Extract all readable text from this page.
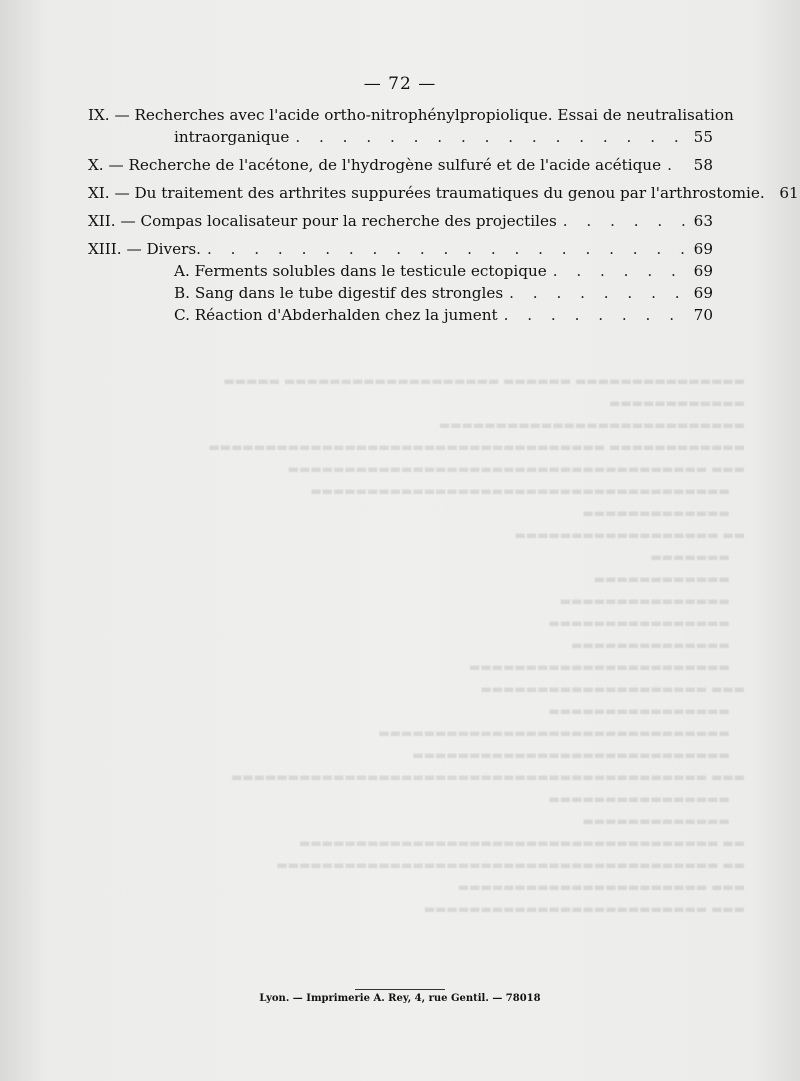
— 72 —
IX. — Recherches avec l'acide ortho-nitrophénylpropiolique. Essai de neutralisation
intraorganique . . .	55
X. — Recherche de l'acétone, de l'hydrogène sulfuré et de l'acide acétique . . . 58
XI. — Du traitement des arthrites suppurées traumatiques du genou par l'arthrostomie. 61
XII. — Compas localisateur pour la recherche des projectiles . . .	63
XIII. — Divers. . . .	69
A. Ferments solubles dans le testicule ectopique . . .	69
B. Sang dans le tube digestif des strongles . . .	69
C. Réaction d'Abderhalden chez la jument . . .	70
▬▬▬▬▬▬▬▬▬▬▬▬▬▬▬ ▬▬▬▬▬▬ ▬▬▬▬▬▬▬▬▬▬▬▬▬▬▬▬▬▬▬ ▬▬▬▬▬
▬▬▬▬▬▬▬▬▬▬▬▬
▬▬▬▬▬▬▬▬▬▬▬▬▬▬▬▬▬▬▬▬▬▬▬▬▬▬▬
▬▬▬▬▬▬▬▬▬▬▬▬ ▬▬▬▬▬▬▬▬▬▬▬▬▬▬▬▬▬▬▬▬▬▬▬▬▬▬▬▬▬▬▬▬▬▬▬
▬▬▬ ▬▬▬▬▬▬▬▬▬▬▬▬▬▬▬▬▬▬▬▬▬▬▬▬▬▬▬▬▬▬▬▬▬▬▬▬▬
▬▬▬▬▬▬▬▬▬▬▬▬▬▬▬▬▬▬▬▬▬▬▬▬▬▬▬▬▬▬▬▬▬▬▬▬▬
▬▬▬▬▬▬▬▬▬▬▬▬▬
▬▬ ▬▬▬▬▬▬▬▬▬▬▬▬▬▬▬▬▬▬
▬▬▬▬▬▬▬
▬▬▬▬▬▬▬▬▬▬▬▬
▬▬▬▬▬▬▬▬▬▬▬▬▬▬▬
▬▬▬▬▬▬▬▬▬▬▬▬▬▬▬▬
▬▬▬▬▬▬▬▬▬▬▬▬▬▬
▬▬▬▬▬▬▬▬▬▬▬▬▬▬▬▬▬▬▬▬▬▬▬
▬▬▬ ▬▬▬▬▬▬▬▬▬▬▬▬▬▬▬▬▬▬▬▬
▬▬▬▬▬▬▬▬▬▬▬▬▬▬▬▬
▬▬▬▬▬▬▬▬▬▬▬▬▬▬▬▬▬▬▬▬▬▬▬▬▬▬▬▬▬▬▬
▬▬▬▬▬▬▬▬▬▬▬▬▬▬▬▬▬▬▬▬▬▬▬▬▬▬▬▬
▬▬▬ ▬▬▬▬▬▬▬▬▬▬▬▬▬▬▬▬▬▬▬▬▬▬▬▬▬▬▬▬▬▬▬▬▬▬▬▬▬▬▬▬▬▬
▬▬▬▬▬▬▬▬▬▬▬▬▬▬▬▬
▬▬▬▬▬▬▬▬▬▬▬▬▬
▬▬ ▬▬▬▬▬▬▬▬▬▬▬▬▬▬▬▬▬▬▬▬▬▬▬▬▬▬▬▬▬▬▬▬▬▬▬▬▬
▬▬ ▬▬▬▬▬▬▬▬▬▬▬▬▬▬▬▬▬▬▬▬▬▬▬▬▬▬▬▬▬▬▬▬▬▬▬▬▬▬▬
▬▬▬ ▬▬▬▬▬▬▬▬▬▬▬▬▬▬▬▬▬▬▬▬▬▬
▬▬▬ ▬▬▬▬▬▬▬▬▬▬▬▬▬▬▬▬▬▬▬▬▬▬▬▬▬
Lyon. — Imprimerie A. Rey, 4, rue Gentil. — 78018
